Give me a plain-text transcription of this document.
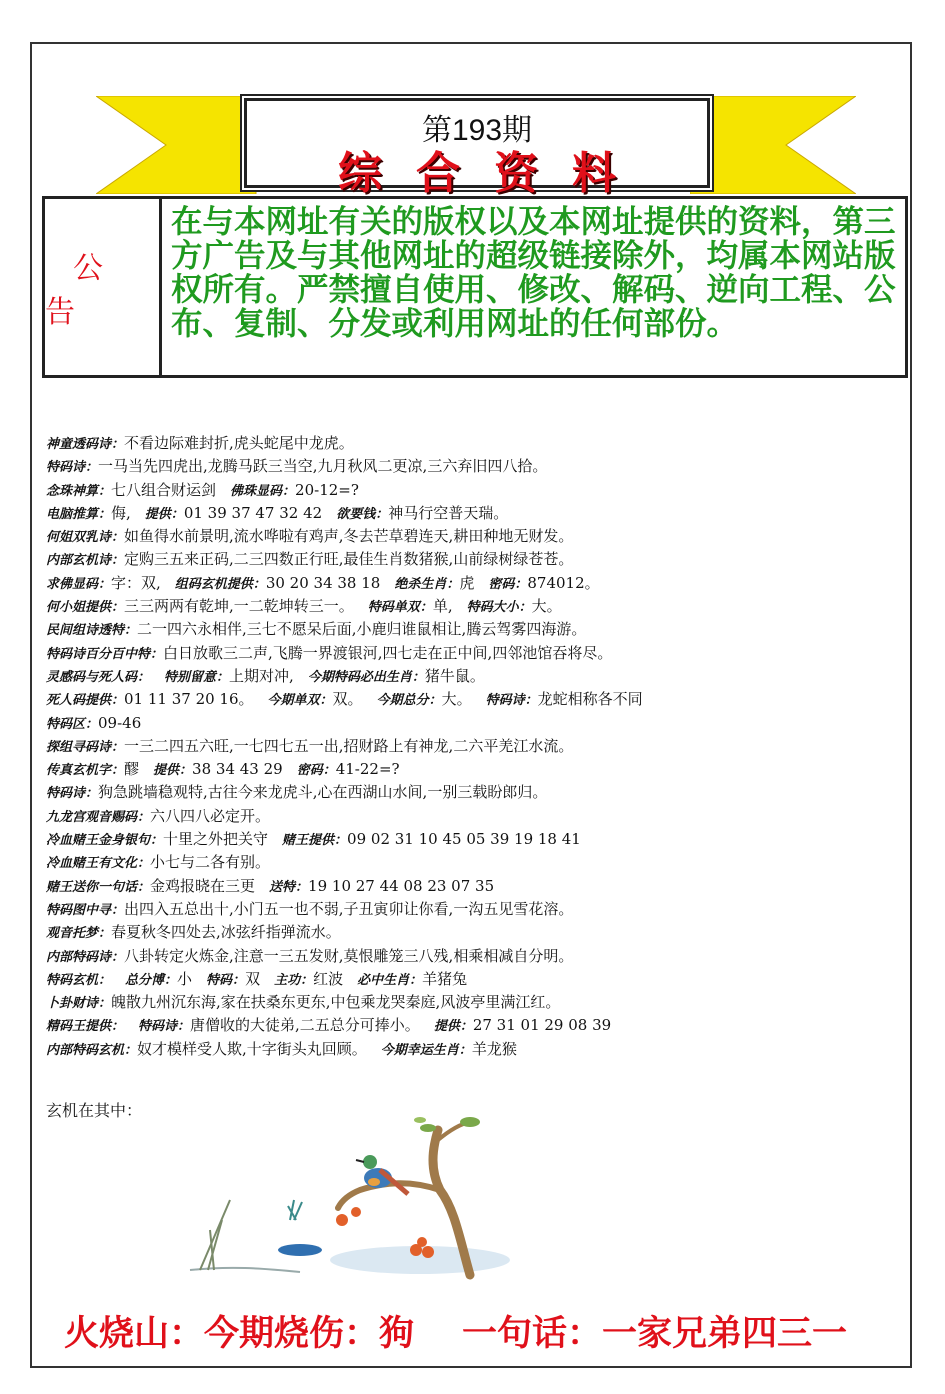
第193期
综合资料
公告
在与本网址有关的版权以及本网址提供的资料，第三方广告及与其他网址的超级链接除外，均属本网站版权所有。严禁擅自使用、修改、解码、逆向工程、公布、复制、分发或利用网址的任何部份。
神童透码诗：不看边际难封折,虎头蛇尾中龙虎。
特码诗：一马当先四虎出,龙腾马跃三当空,九月秋风二更凉,三六弃旧四八拾。
念珠神算：七八组合财运剑 佛珠显码：20-12=?
电脑推算：侮, 提供：01 39 37 47 32 42 欲要钱：神马行空普天瑞。
何姐双乳诗：如鱼得水前景明,流水哗啦有鸡声,冬去芒草碧连天,耕田种地无财发。
内部玄机诗：定购三五来正码,二三四数正行旺,最佳生肖数猪猴,山前绿树绿苍苍。
求佛显码：字：双, 组码玄机提供：30 20 34 38 18 绝杀生肖：虎 密码：874012。
何小姐提供：三三两两有乾坤,一二乾坤转三一。 特码单双：单, 特码大小：大。
民间组诗透特：二一四六永相伴,三七不愿呆后面,小鹿归谁鼠相让,腾云驾雾四海游。
特码诗百分百中特：白日放歌三二声,飞腾一界渡银河,四七走在正中间,四邻池馆吞将尽。
灵感码与死人码： 特别留意：上期对冲, 今期特码必出生肖：猪牛鼠。
死人码提供：01 11 37 20 16。 今期单双：双。 今期总分：大。 特码诗：龙蛇相称各不同
特码区：09-46
探组寻码诗：一三二四五六旺,一七四七五一出,招财路上有神龙,二六平羌江水流。
传真玄机字：醪 提供：38 34 43 29 密码：41-22=?
特码诗：狗急跳墙稳观特,古往今来龙虎斗,心在西湖山水间,一别三载盼郎归。
九龙宫观音赐码：六八四八必定开。
冷血赌王金身银句：十里之外把关守 赌王提供：09 02 31 10 45 05 39 19 18 41
冷血赌王有文化：小七与二各有别。
赌王送你一句话：金鸡报晓在三更 送特：19 10 27 44 08 23 07 35
特码图中寻：出四入五总出十,小门五一也不弱,子丑寅卯让你看,一沟五见雪花溶。
观音托梦：春夏秋冬四处去,冰弦纤指弹流水。
内部特码诗：八卦转定火炼金,注意一三五发财,莫恨雕笼三八残,相乘相减自分明。
特码玄机： 总分博：小 特码：双 主功：红波 必中生肖：羊猪兔
卜卦财诗：魄散九州沉东海,家在扶桑东更东,中包乘龙哭秦庭,风波亭里满江红。
精码王提供： 特码诗：唐僧收的大徒弟,二五总分可捧小。 提供：27 31 01 29 08 39
内部特码玄机：奴才模样受人欺,十字街头丸回顾。 今期幸运生肖：羊龙猴
玄机在其中：
火烧山：今期烧伤：狗 一句话：一家兄弟四三一
